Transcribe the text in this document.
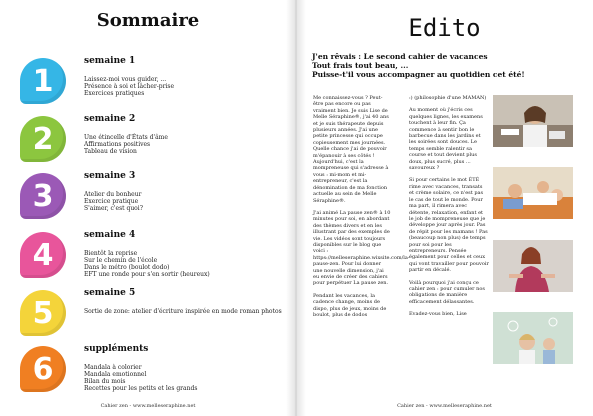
Sommaire
1
semaine 1
Laissez-moi vous guider, ...
Présence à soi et lâcher-prise
Exercices pratiques
2
semaine 2
Une étincelle d'États d'âme
Affirmations positives
Tableau de vision
3
semaine 3
Atelier du bonheur
Exercice pratique
S'aimer, c'est quoi?
4
semaine 4
Bientôt la reprise
Sur le chemin de l'école
Dans le métro (boulot dodo)
EFT une ronde pour s'en sortir (heureux)
5
semaine 5
Sortie de zone: atelier d'écriture inspirée en mode roman photos
6
suppléments
Mandala à colorier
Mandala emotionnel
Bilan du mois
Recettes pour les petits et les grands
Cahier zen - www.melleseraphine.net
Edito
J'en rêvais : Le second cahier de vacances
Tout frais tout beau, ...
Puisse-t'il vous accompagner au quotidien cet été!

Me connaissez-vous ? Peut-être pas encore ou pas vraiment bien. Je suis Lise de Melle Séraphine®, j'ai 40 ans et je suis thérapeute depuis plusieurs années. J'ai une petite princesse qui occupe copieusement mes journées. Quelle chance j'ai de pouvoir m'épanouir à ses côtés ! Aujourd'hui, c'est la mompreneuse qui s'adresse à vous : mi-mom et mi-entrepreneur, c'est la dénomination de ma fonction actuelle au sein de Melle Séraphine®.

J'ai animé La pause zen® à 10 minutes pour soi, en abordant des thèmes divers et en les illustrant par des exemples de vie. Les vidéos sont toujours disponibles sur le blog que voici : https://melleseraphine.wixsite.com/la-pause-zen. Pour lui donner une nouvelle dimension, j'ai eu envie de créer des cahiers pour perpétuer La pause zen.

Pendant les vacances, la cadence change, moins de dispo, plus de jeux, moins de boulot, plus de dodos

:) (philosophie d'une MAMAN)

Au moment où j'écris ces quelques lignes, les examens touchent à leur fin. Ça commence à sentir bon le barbecue dans les jardins et les soirées sont douces. Le temps semble ralentir sa course et tout devient plus doux, plus sucré, plus ... savoureux ?

Si pour certains le mot ÉTÉ rime avec vacances, transats et crème solaire, ce n'est pas le cas de tout le monde. Pour ma part, il rimera avec détente, relaxation, enfant et le job de mompreneuse que je développe jour après jour. Pas de répit pour les mamans ! Pas (beaucoup non plus) de temps pour soi pour les entrepreneurs. Pensée également pour celles et ceux qui vont travailler pour pouvoir partir en décalé.

Voilà pourquoi j'ai conçu ce cahier zen : pour cumuler nos obligations de manière efficacement délassantes.

Evadez-vous bien, Lise

Cahier zen - www.melleseraphine.net
